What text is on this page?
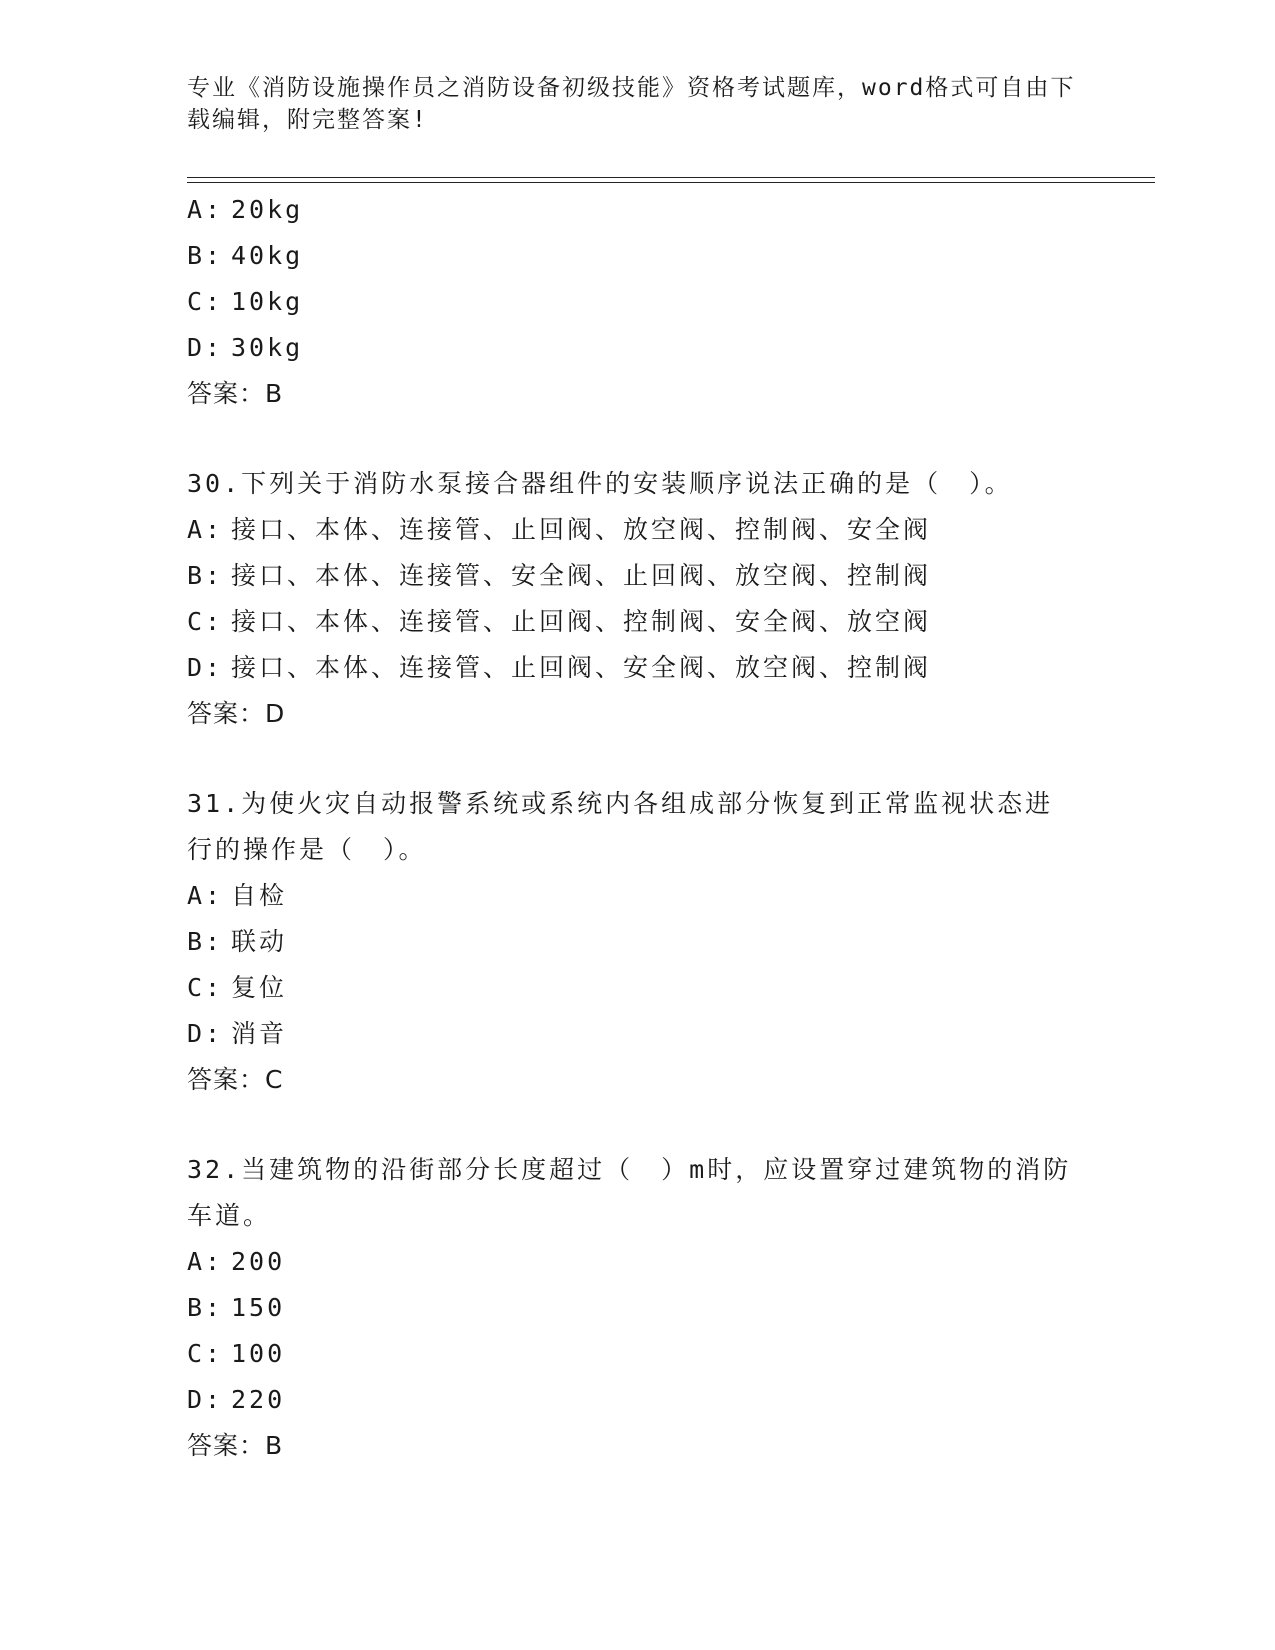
专业《消防设施操作员之消防设备初级技能》资格考试题库，word格式可自由下载编辑，附完整答案!
A: 20kg
B: 40kg
C: 10kg
D: 30kg
答案：B
30.下列关于消防水泵接合器组件的安装顺序说法正确的是（　）。
A: 接口、本体、连接管、止回阀、放空阀、控制阀、安全阀
B: 接口、本体、连接管、安全阀、止回阀、放空阀、控制阀
C: 接口、本体、连接管、止回阀、控制阀、安全阀、放空阀
D: 接口、本体、连接管、止回阀、安全阀、放空阀、控制阀
答案：D
31.为使火灾自动报警系统或系统内各组成部分恢复到正常监视状态进行的操作是（　）。
A: 自检
B: 联动
C: 复位
D: 消音
答案：C
32.当建筑物的沿街部分长度超过（　）m时，应设置穿过建筑物的消防车道。
A: 200
B: 150
C: 100
D: 220
答案：B
